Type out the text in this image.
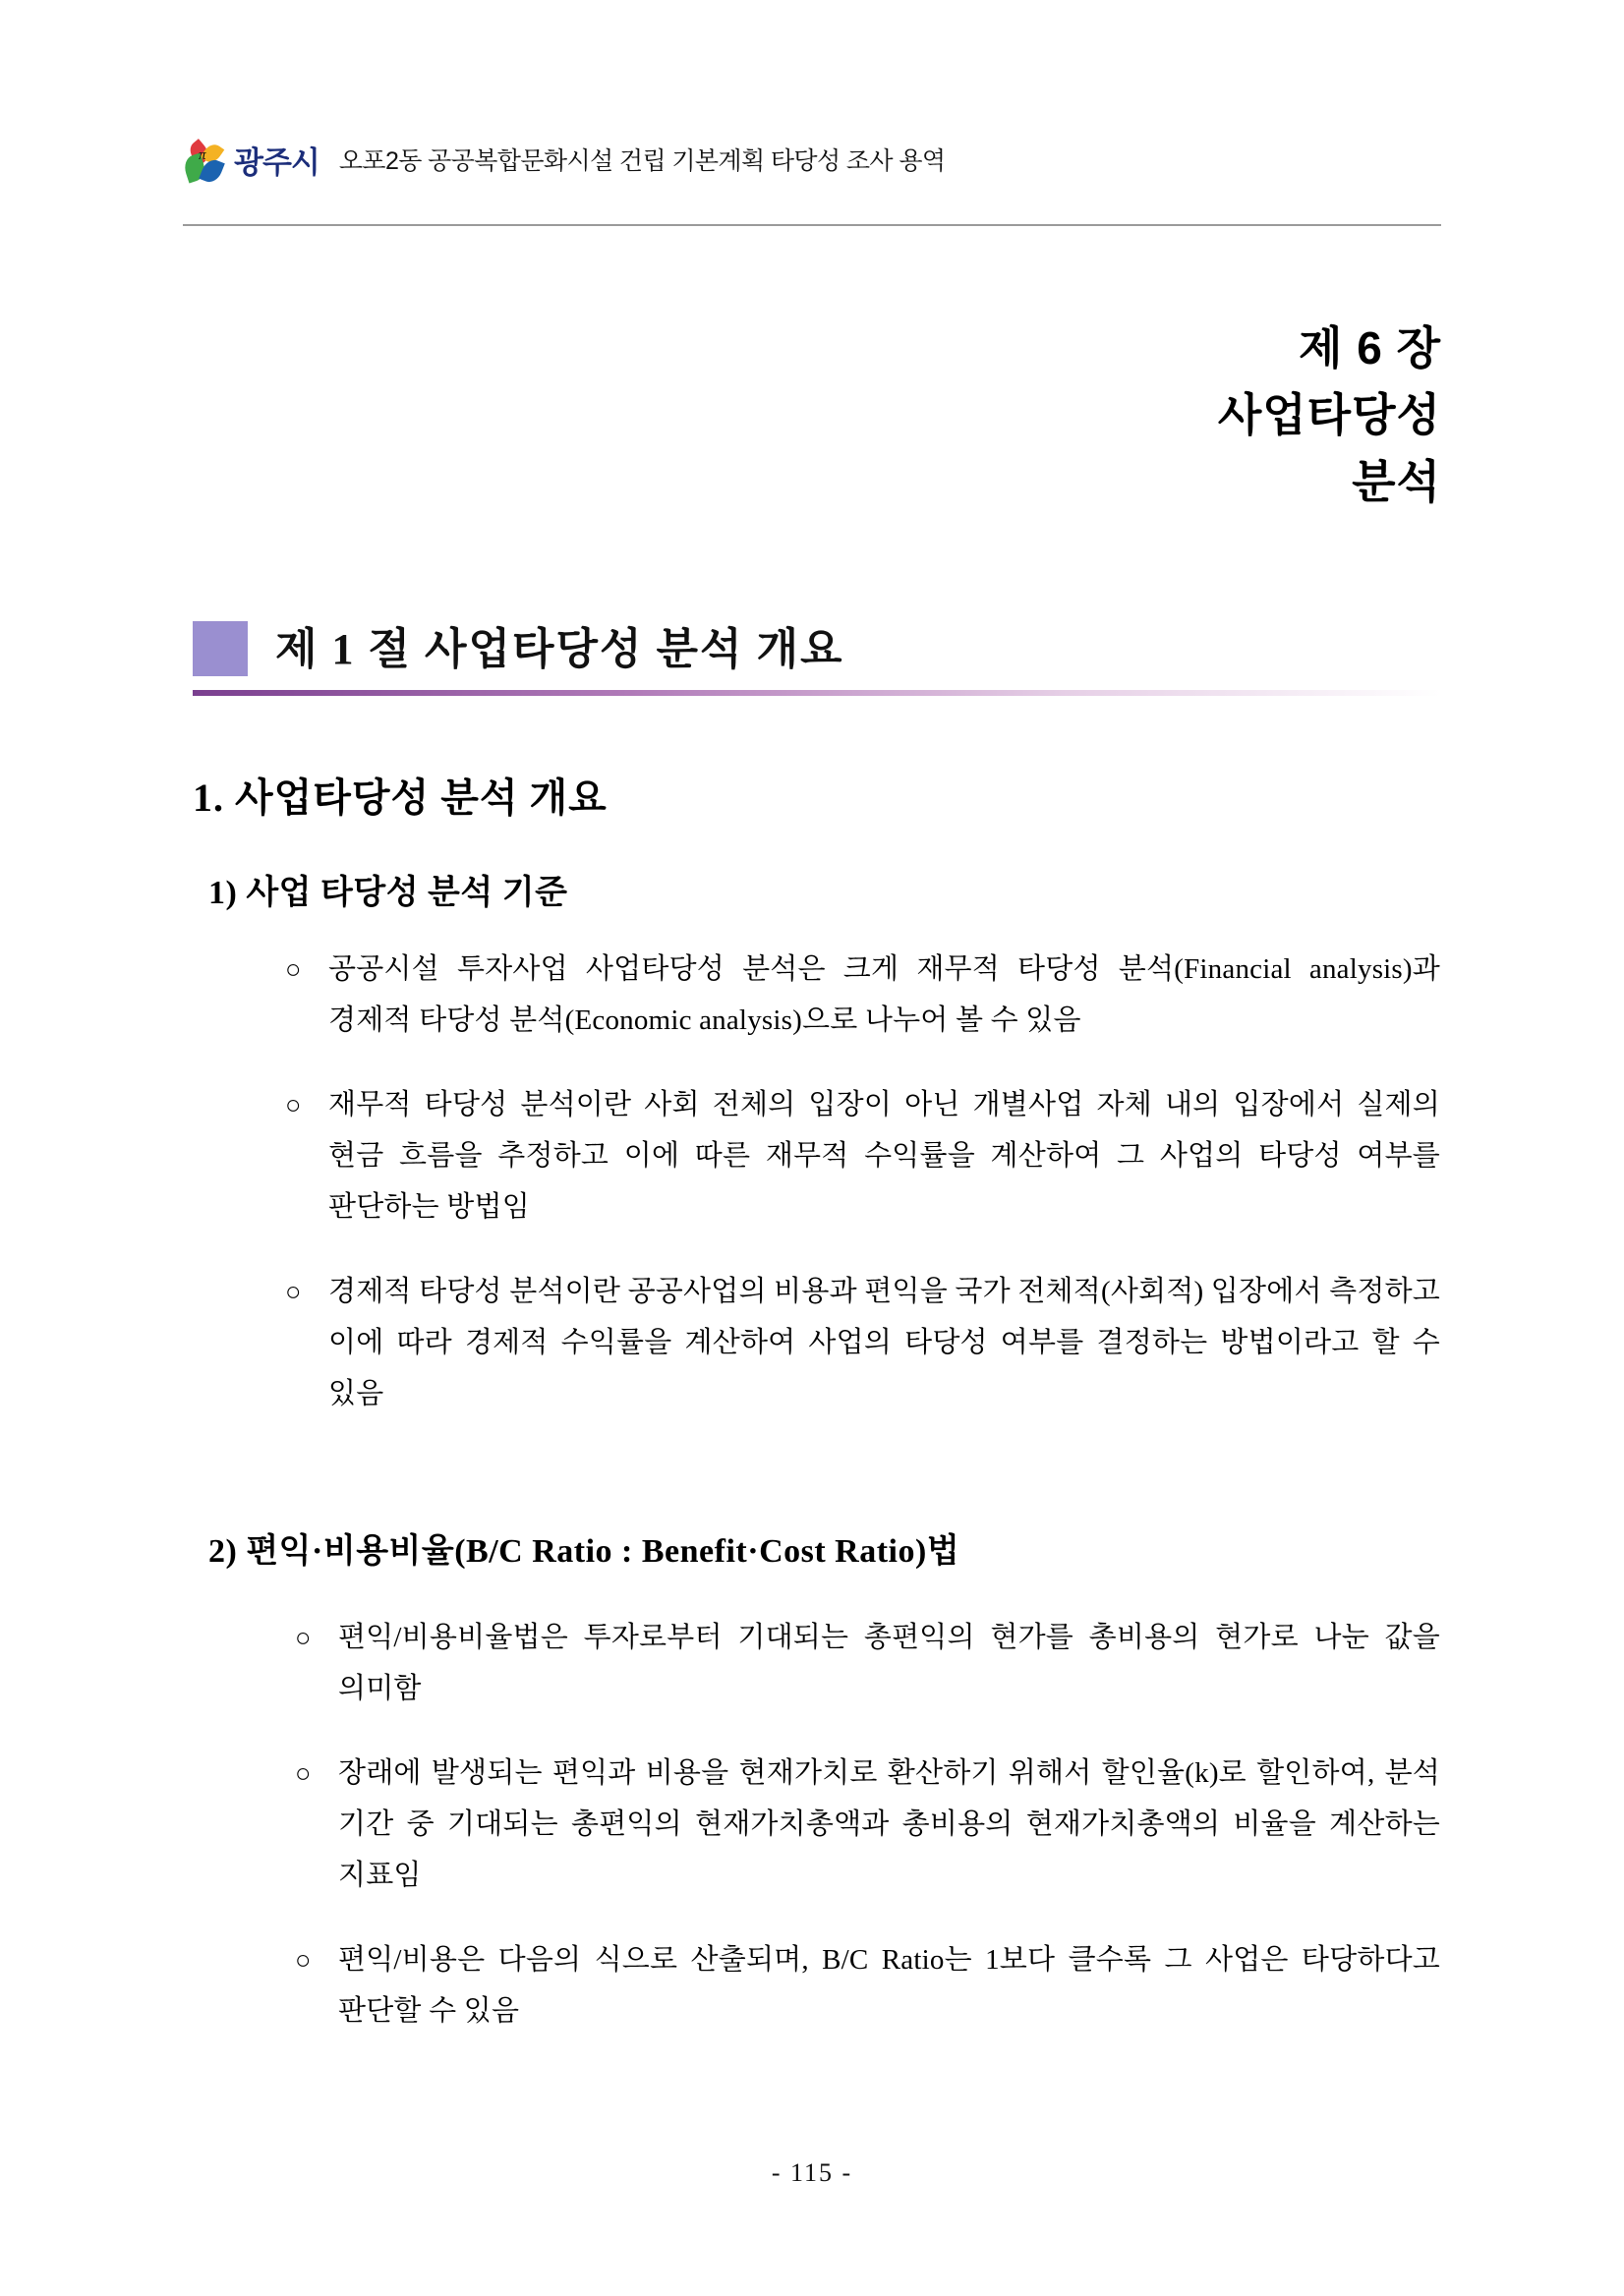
π 광주시 오포2동 공공복합문화시설 건립 기본계획 타당성 조사 용역
제 6 장
사업타당성
분석
제 1 절 사업타당성 분석 개요
1. 사업타당성 분석 개요
1) 사업 타당성 분석 기준
○ 공공시설 투자사업 사업타당성 분석은 크게 재무적 타당성 분석(Financial analysis)과 경제적 타당성 분석(Economic analysis)으로 나누어 볼 수 있음
○ 재무적 타당성 분석이란 사회 전체의 입장이 아닌 개별사업 자체 내의 입장에서 실제의 현금 흐름을 추정하고 이에 따른 재무적 수익률을 계산하여 그 사업의 타당성 여부를 판단하는 방법임
○ 경제적 타당성 분석이란 공공사업의 비용과 편익을 국가 전체적(사회적) 입장에서 측정하고 이에 따라 경제적 수익률을 계산하여 사업의 타당성 여부를 결정하는 방법이라고 할 수 있음
2) 편익·비용비율(B/C Ratio : Benefit·Cost Ratio)법
○ 편익/비용비율법은 투자로부터 기대되는 총편익의 현가를 총비용의 현가로 나눈 값을 의미함
○ 장래에 발생되는 편익과 비용을 현재가치로 환산하기 위해서 할인율(k)로 할인하여, 분석 기간 중 기대되는 총편익의 현재가치총액과 총비용의 현재가치총액의 비율을 계산하는 지표임
○ 편익/비용은 다음의 식으로 산출되며, B/C Ratio는 1보다 클수록 그 사업은 타당하다고 판단할 수 있음
- 115 -
